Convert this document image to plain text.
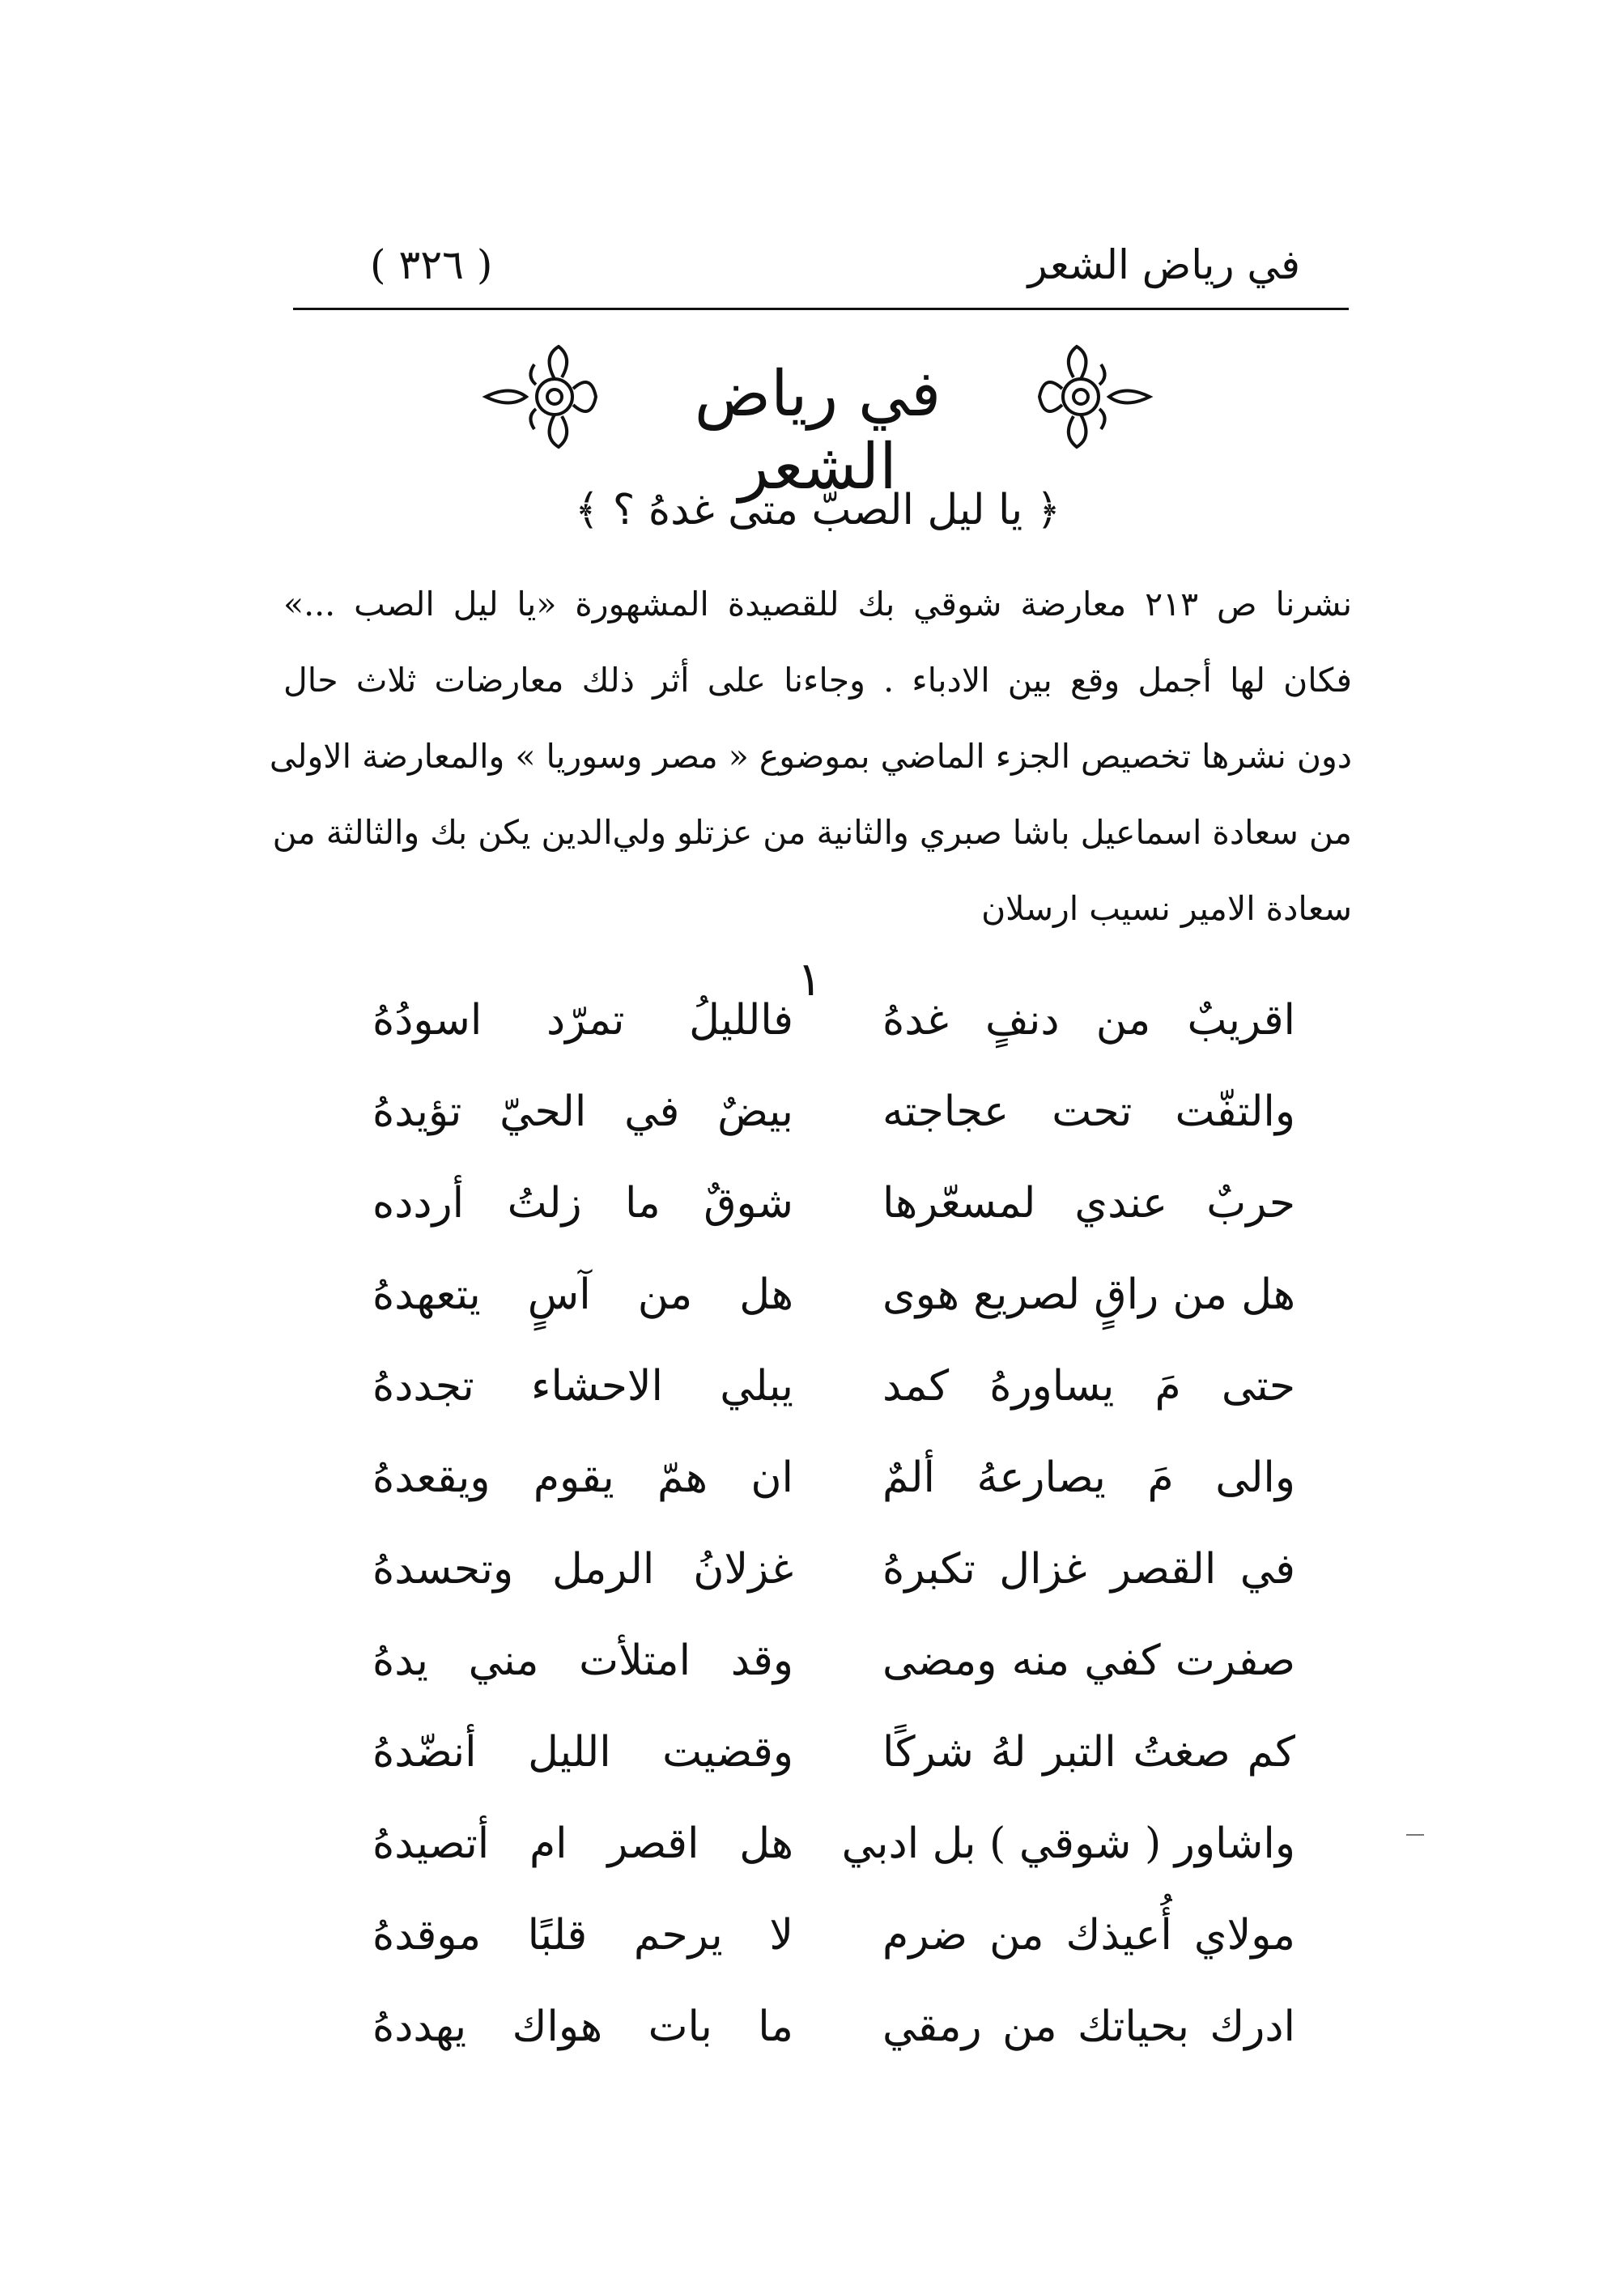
في رياض الشعر
( ٣٢٦ )
في رياض الشعر
﴿ يا ليل الصبّ متى غدهُ ؟ ﴾
نشرنا ص ٢١٣ معارضة شوقي بك للقصيدة المشهورة «يا ليل الصب ...»
فكان لها أجمل وقع بين الادباء . وجاءنا على أثر ذلك معارضات ثلاث حال
دون نشرها تخصيص الجزء الماضي بموضوع « مصر وسوريا » والمعارضة الاولى
من سعادة اسماعيل باشا صبري والثانية من عزتلو ولي‌الدين يكن بك والثالثة من
سعادة الامير نسيب ارسلان
١
اقريبٌ من دنفٍ غدهُ
فالليلُ تمرّد اسودُهُ
والتفّت تحت عجاجته
بيضٌ في الحيّ تؤيدهُ
حربٌ عندي لمسعّرها
شوقٌ ما زلتُ أردده
هل من راقٍ لصريع هوى
هل من آسٍ يتعهدهُ
حتى مَ يساورهُ كمد
يبلي الاحشاء تجددهُ
والى مَ يصارعهُ ألمٌ
ان همّ يقوم ويقعدهُ
في القصر غزال تكبرهُ
غزلانُ الرمل وتحسدهُ
صفرت كفي منه ومضى
وقد امتلأت مني يدهُ
كم صغتُ التبر لهُ شركًا
وقضيت الليل أنضّدهُ
واشاور ( شوقي ) بل ادبي
هل اقصر ام أتصيدهُ
مولاي أُعيذك من ضرم
لا يرحم قلبًا موقدهُ
ادرك بحياتك من رمقي
ما بات هواك يهددهُ
